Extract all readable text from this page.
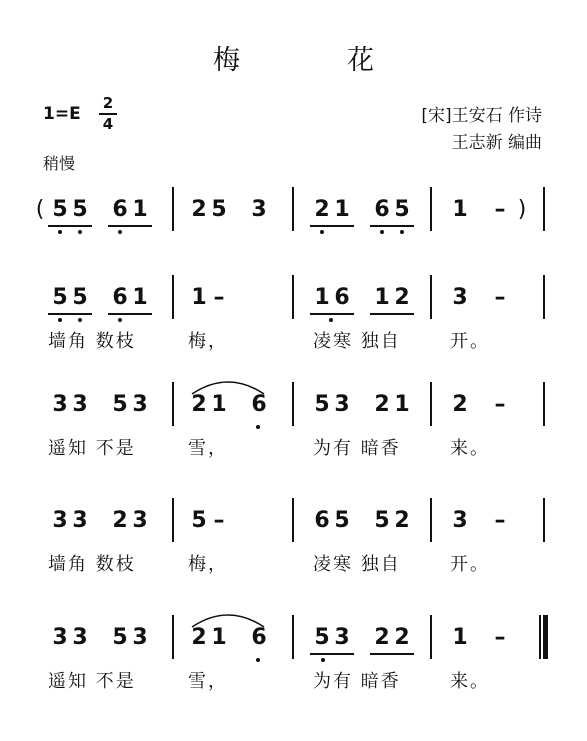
梅　花
1=E
2
4	[宋]王安石 作诗
王志新 编曲
稍慢
(	)
5 5 6 1 2 5 3 2 1 6 5 1 –
5 5 6 1 1 –	1 6 1 2 3 –
墙角 数枝	梅，	凌寒 独自	开。
3 3 5 3 2 1 6 5 3 2 1 2 –
遥知 不是	雪，	为有 暗香	来。
3 3 2 3 5 –	6 5 5 2 3 –
墙角 数枝	梅，	凌寒 独自	开。
3 3 5 3 2 1 6 5 3 2 2 1 –
遥知 不是	雪，	为有 暗香	来。
